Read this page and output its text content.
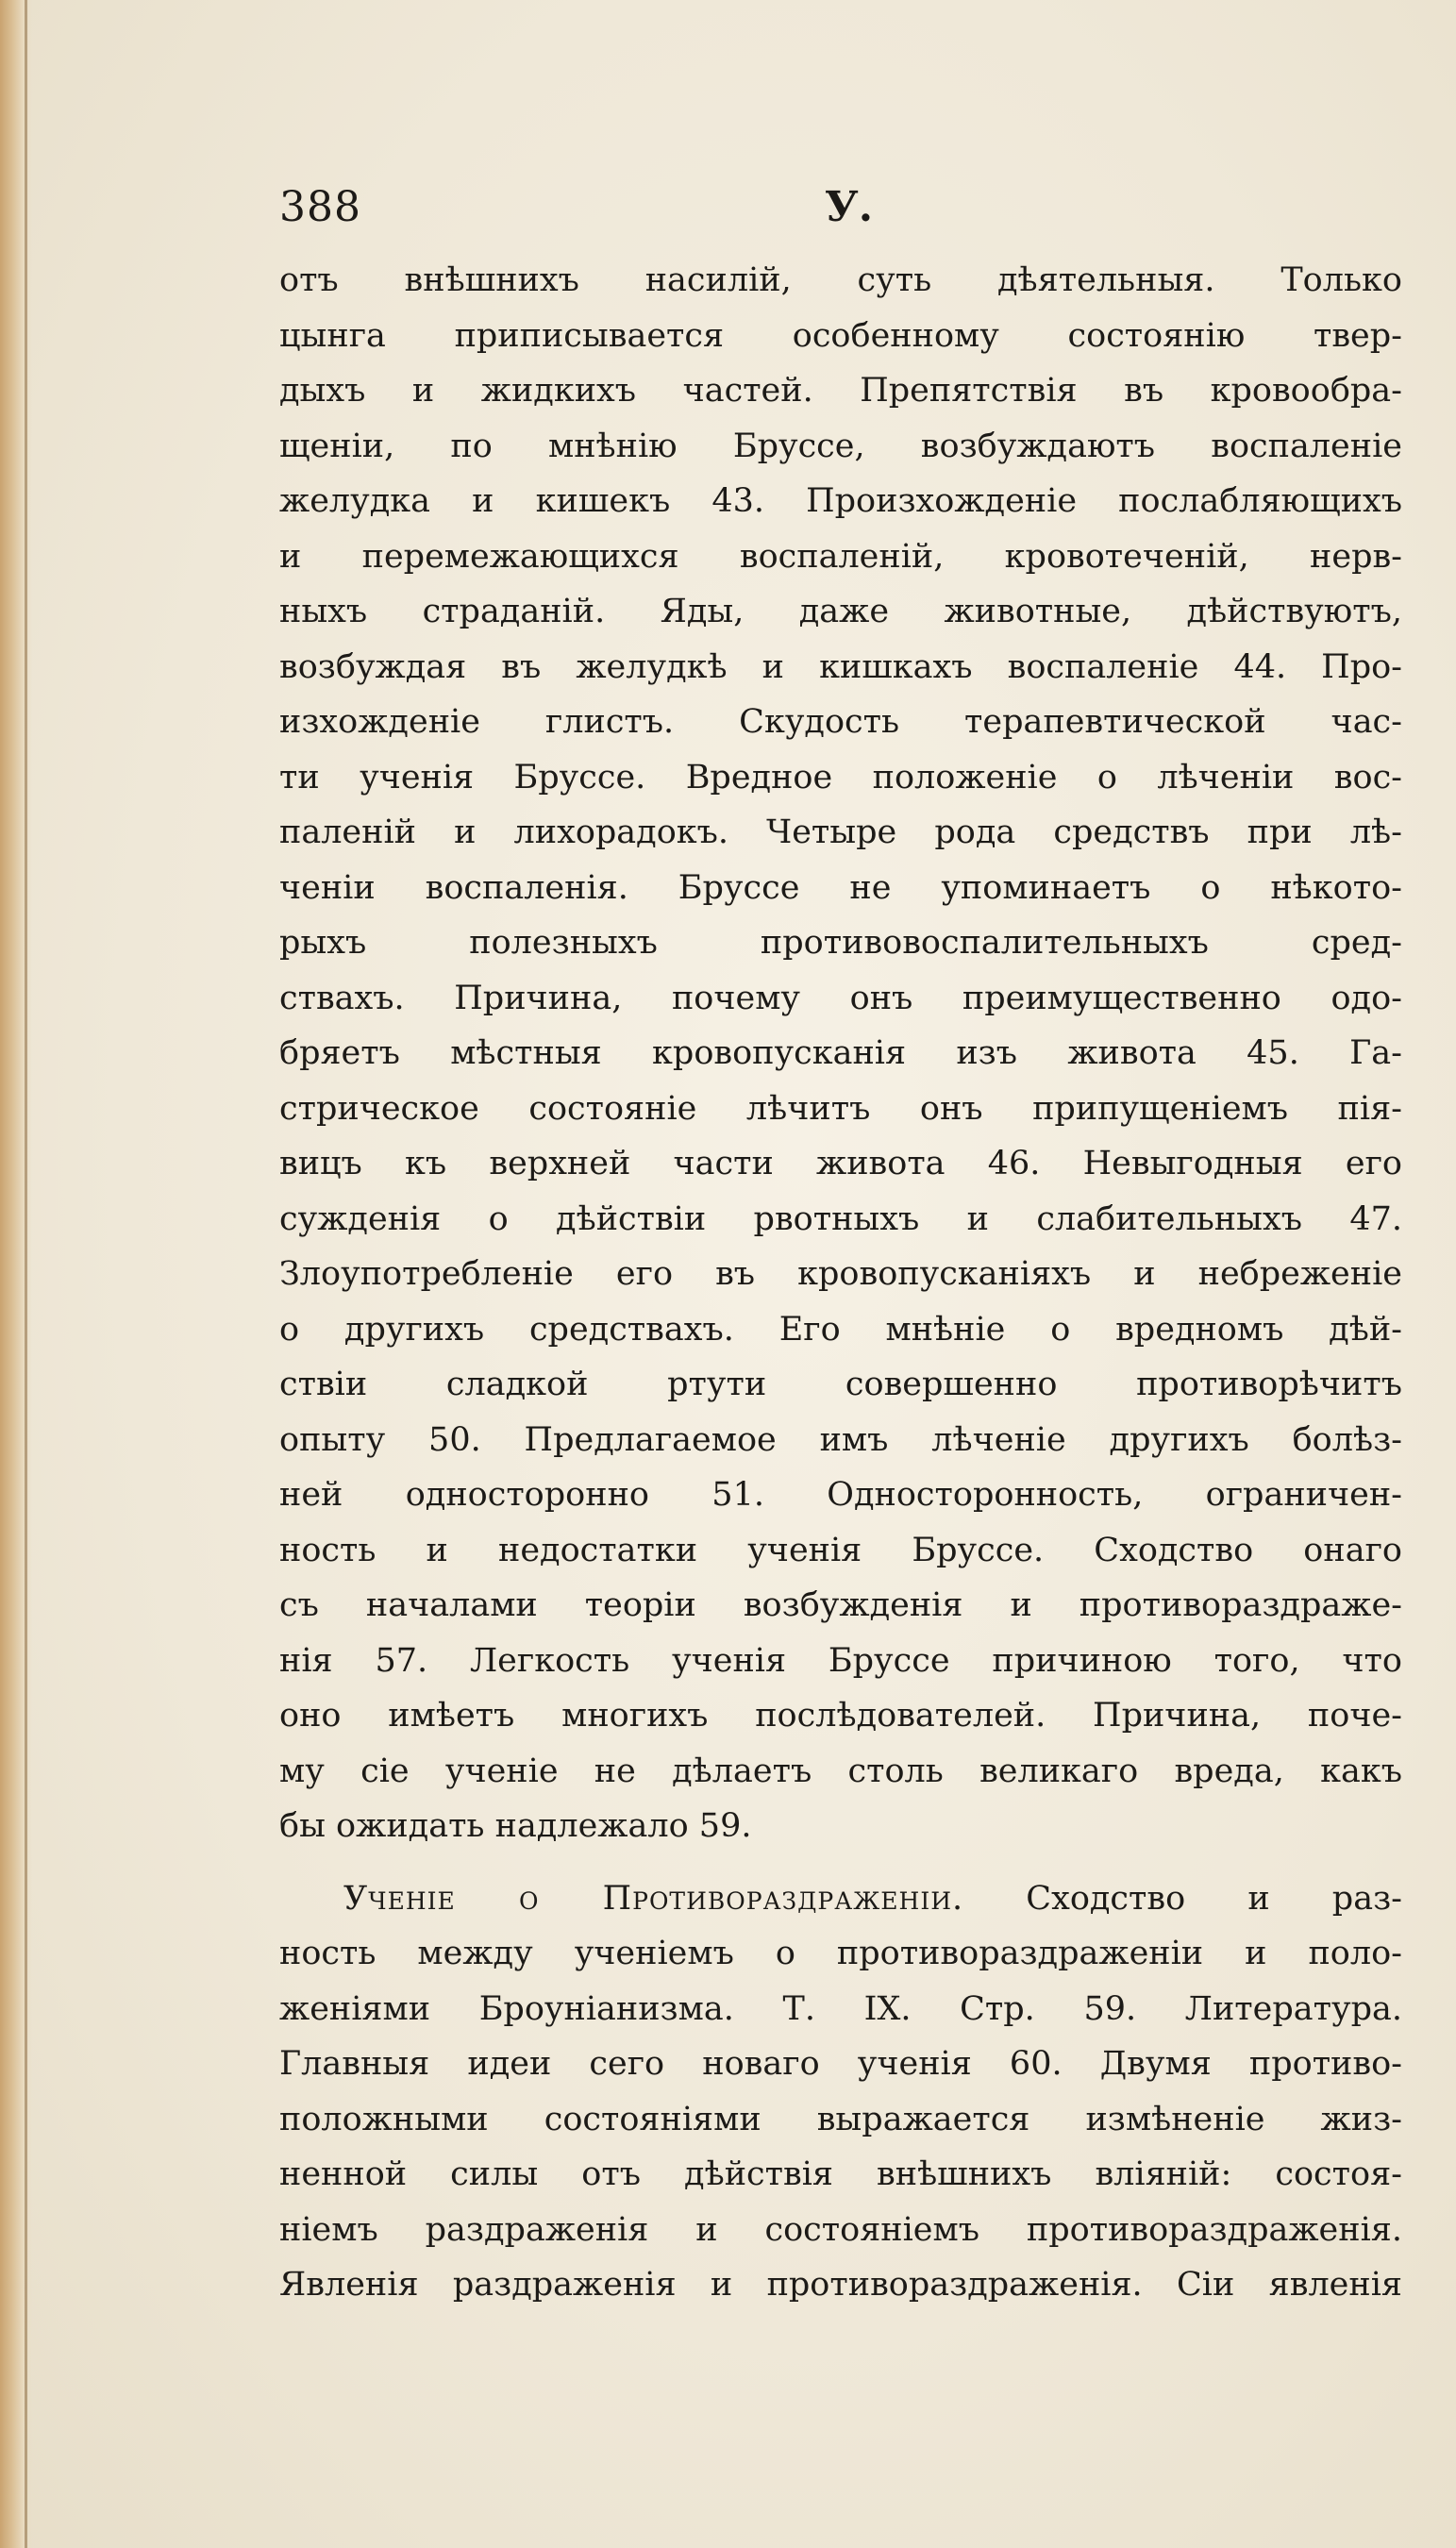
388	У.
отъ внѣшнихъ насилій, суть дѣятельныя. Только
цынга приписывается особенному состоянію твер-
дыхъ и жидкихъ частей. Препятствія въ кровообра-
щеніи, по мнѣнію Бруссе, возбуждаютъ воспаленіе
желудка и кишекъ 43. Произхожденіе послабляющихъ
и перемежающихся воспаленій, кровотеченій, нерв-
ныхъ страданій. Яды, даже животные, дѣйствуютъ,
возбуждая въ желудкѣ и кишкахъ воспаленіе 44. Про-
изхожденіе глистъ. Скудость терапевтической час-
ти ученія Бруссе. Вредное положеніе о лѣченіи вос-
паленій и лихорадокъ. Четыре рода средствъ при лѣ-
ченіи воспаленія. Бруссе не упоминаетъ о нѣкото-
рыхъ полезныхъ противовоспалительныхъ сред-
ствахъ. Причина, почему онъ преимущественно одо-
бряетъ мѣстныя кровопусканія изъ живота 45. Га-
стрическое состояніе лѣчитъ онъ припущеніемъ пія-
вицъ къ верхней части живота 46. Невыгодныя его
сужденія о дѣйствіи рвотныхъ и слабительныхъ 47.
Злоупотребленіе его въ кровопусканіяхъ и небреженіе
о другихъ средствахъ. Его мнѣніе о вредномъ дѣй-
ствіи сладкой ртути совершенно противорѣчитъ
опыту 50. Предлагаемое имъ лѣченіе другихъ болѣз-
ней односторонно 51. Односторонность, ограничен-
ность и недостатки ученія Бруссе. Сходство онаго
съ началами теоріи возбужденія и противораздраже-
нія 57. Легкость ученія Бруссе причиною того, что
оно имѣетъ многихъ послѣдователей. Причина, поче-
му сіе ученіе не дѣлаетъ столь великаго вреда, какъ
бы ожидать надлежало 59.
Ученіе о Противораздраженіи. Сходство и раз-
ность между ученіемъ о противораздраженіи и поло-
женіями Броуніанизма. Т. IX. Стр. 59. Литература.
Главныя идеи сего новаго ученія 60. Двумя противо-
положными состояніями выражается измѣненіе жиз-
ненной силы отъ дѣйствія внѣшнихъ вліяній: состоя-
ніемъ раздраженія и состояніемъ противораздраженія.
Явленія раздраженія и противораздраженія. Сіи явленія
